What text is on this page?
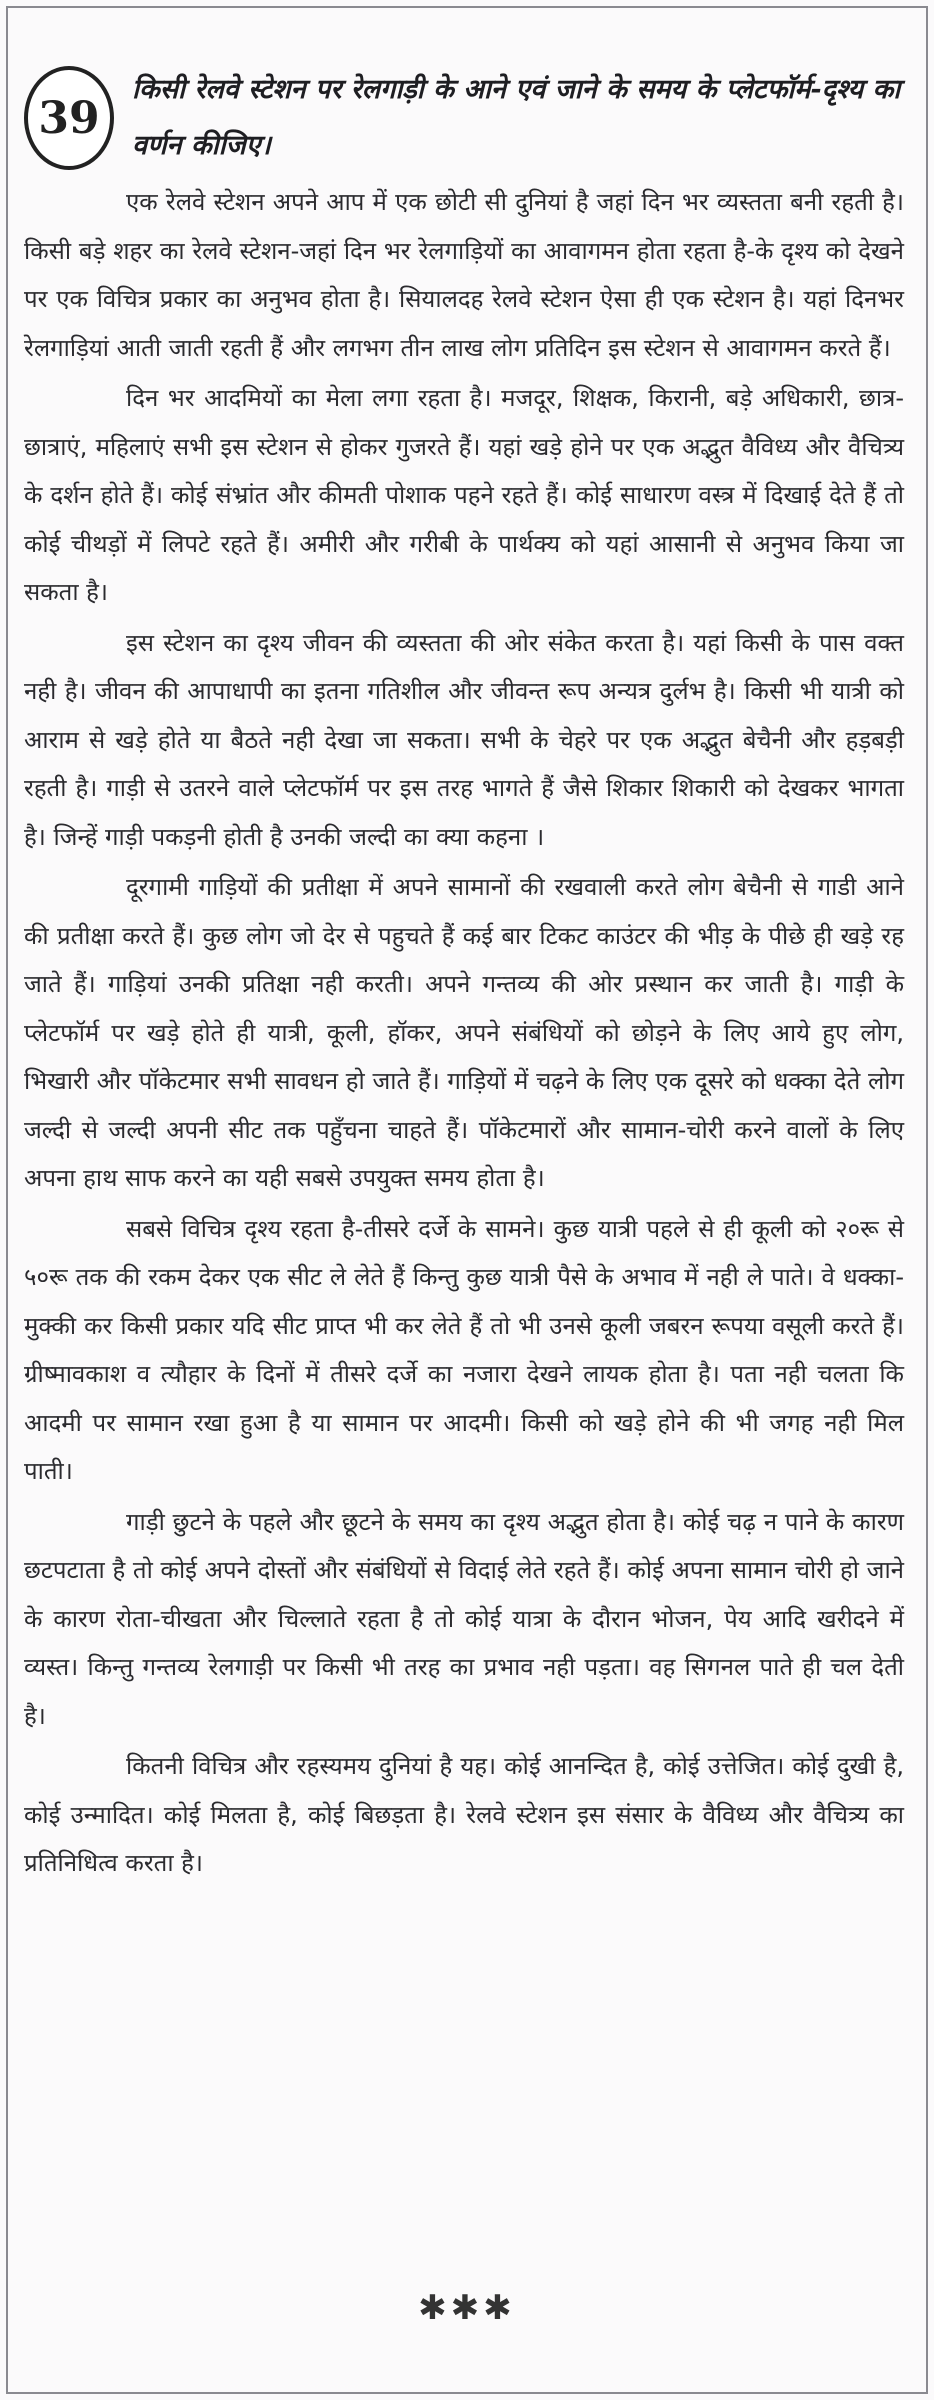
39
किसी रेलवे स्टेशन पर रेलगाड़ी के आने एवं जाने के समय के प्लेटफॉर्म-दृश्य का वर्णन कीजिए।

एक रेलवे स्टेशन अपने आप में एक छोटी सी दुनियां है जहां दिन भर व्यस्तता बनी रहती है। किसी बड़े शहर का रेलवे स्टेशन-जहां दिन भर रेलगाड़ियों का आवागमन होता रहता है-के दृश्य को देखने पर एक विचित्र प्रकार का अनुभव होता है। सियालदह रेलवे स्टेशन ऐसा ही एक स्टेशन है। यहां दिनभर रेलगाड़ियां आती जाती रहती हैं और लगभग तीन लाख लोग प्रतिदिन इस स्टेशन से आवागमन करते हैं।

दिन भर आदमियों का मेला लगा रहता है। मजदूर, शिक्षक, किरानी, बड़े अधिकारी, छात्र-छात्राएं, महिलाएं सभी इस स्टेशन से होकर गुजरते हैं। यहां खड़े होने पर एक अद्भुत वैविध्य और वैचित्र्य के दर्शन होते हैं। कोई संभ्रांत और कीमती पोशाक पहने रहते हैं। कोई साधारण वस्त्र में दिखाई देते हैं तो कोई चीथड़ों में लिपटे रहते हैं। अमीरी और गरीबी के पार्थक्य को यहां आसानी से अनुभव किया जा सकता है।

इस स्टेशन का दृश्य जीवन की व्यस्तता की ओर संकेत करता है। यहां किसी के पास वक्त नही है। जीवन की आपाधापी का इतना गतिशील और जीवन्त रूप अन्यत्र दुर्लभ है। किसी भी यात्री को आराम से खड़े होते या बैठते नही देखा जा सकता। सभी के चेहरे पर एक अद्भुत बेचैनी और हड़बड़ी रहती है। गाड़ी से उतरने वाले प्लेटफॉर्म पर इस तरह भागते हैं जैसे शिकार शिकारी को देखकर भागता है। जिन्हें गाड़ी पकड़नी होती है उनकी जल्दी का क्या कहना ।

दूरगामी गाड़ियों की प्रतीक्षा में अपने सामानों की रखवाली करते लोग बेचैनी से गाडी आने की प्रतीक्षा करते हैं। कुछ लोग जो देर से पहुचते हैं कई बार टिकट काउंटर की भीड़ के पीछे ही खड़े रह जाते हैं। गाड़ियां उनकी प्रतिक्षा नही करती। अपने गन्तव्य की ओर प्रस्थान कर जाती है। गाड़ी के प्लेटफॉर्म पर खड़े होते ही यात्री, कूली, हॉकर, अपने संबंधियों को छोड़ने के लिए आये हुए लोग, भिखारी और पॉकेटमार सभी सावधन हो जाते हैं। गाड़ियों में चढ़ने के लिए एक दूसरे को धक्का देते लोग जल्दी से जल्दी अपनी सीट तक पहुँचना चाहते हैं। पॉकेटमारों और सामान-चोरी करने वालों के लिए अपना हाथ साफ करने का यही सबसे उपयुक्त समय होता है।

सबसे विचित्र दृश्य रहता है-तीसरे दर्जे के सामने। कुछ यात्री पहले से ही कूली को २०रू से ५०रू तक की रकम देकर एक सीट ले लेते हैं किन्तु कुछ यात्री पैसे के अभाव में नही ले पाते। वे धक्का-मुक्की कर किसी प्रकार यदि सीट प्राप्त भी कर लेते हैं तो भी उनसे कूली जबरन रूपया वसूली करते हैं। ग्रीष्मावकाश व त्यौहार के दिनों में तीसरे दर्जे का नजारा देखने लायक होता है। पता नही चलता कि आदमी पर सामान रखा हुआ है या सामान पर आदमी। किसी को खड़े होने की भी जगह नही मिल पाती।

गाड़ी छुटने के पहले और छूटने के समय का दृश्य अद्भुत होता है। कोई चढ़ न पाने के कारण छटपटाता है तो कोई अपने दोस्तों और संबंधियों से विदाई लेते रहते हैं। कोई अपना सामान चोरी हो जाने के कारण रोता-चीखता और चिल्लाते रहता है तो कोई यात्रा के दौरान भोजन, पेय आदि खरीदने में व्यस्त। किन्तु गन्तव्य रेलगाड़ी पर किसी भी तरह का प्रभाव नही पड़ता। वह सिगनल पाते ही चल देती है।

कितनी विचित्र और रहस्यमय दुनियां है यह। कोई आनन्दित है, कोई उत्तेजित। कोई दुखी है, कोई उन्मादित। कोई मिलता है, कोई बिछड़ता है। रेलवे स्टेशन इस संसार के वैविध्य और वैचित्र्य का प्रतिनिधित्व करता है।

✱✱✱
